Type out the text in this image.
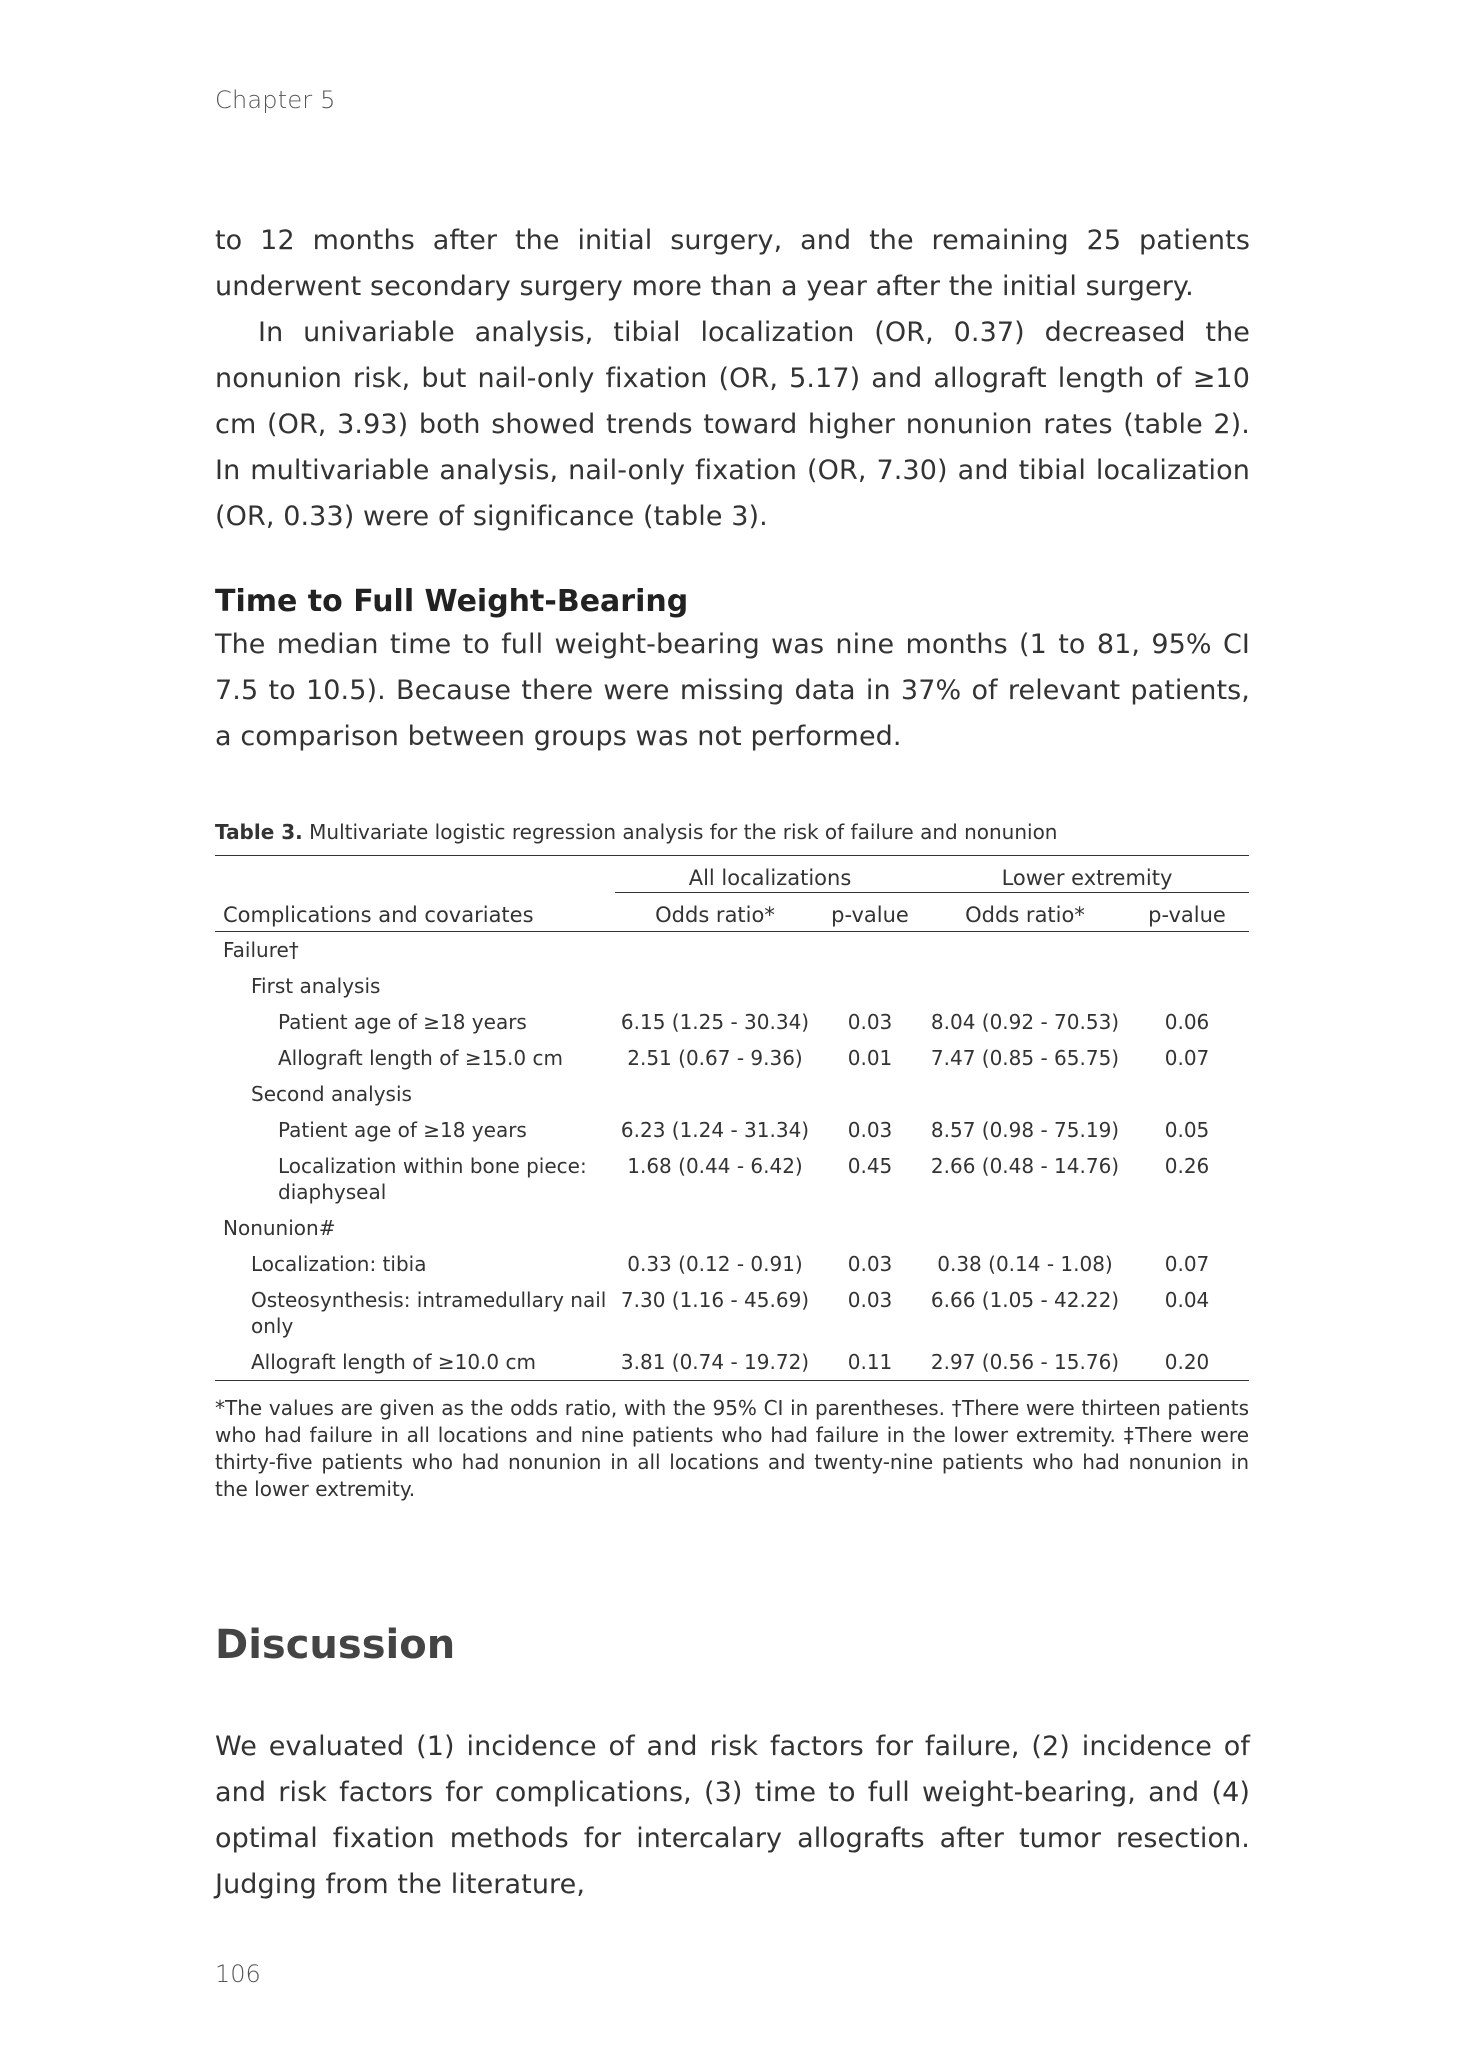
Chapter 5

to 12 months after the initial surgery, and the remaining 25 patients underwent secondary surgery more than a year after the initial surgery.

In univariable analysis, tibial localization (OR, 0.37) decreased the nonunion risk, but nail-only fixation (OR, 5.17) and allograft length of ≥10 cm (OR, 3.93) both showed trends toward higher nonunion rates (table 2). In multivariable analysis, nail-only fixation (OR, 7.30) and tibial localization (OR, 0.33) were of significance (table 3).

Time to Full Weight-Bearing

The median time to full weight-bearing was nine months (1 to 81, 95% CI 7.5 to 10.5). Because there were missing data in 37% of relevant patients, a comparison between groups was not performed.

Table 3. Multivariate logistic regression analysis for the risk of failure and nonunion

	All localizations		Lower extremity	
Complications and covariates	Odds ratio*	p-value	Odds ratio*	p-value
Failure†				
First analysis				
Patient age of ≥18 years	6.15 (1.25 - 30.34)	0.03	8.04 (0.92 - 70.53)	0.06
Allograft length of ≥15.0 cm	2.51 (0.67 - 9.36)	0.01	7.47 (0.85 - 65.75)	0.07
Second analysis				
Patient age of ≥18 years	6.23 (1.24 - 31.34)	0.03	8.57 (0.98 - 75.19)	0.05
Localization within bone piece: diaphyseal	1.68 (0.44 - 6.42)	0.45	2.66 (0.48 - 14.76)	0.26
Nonunion#				
Localization: tibia	0.33 (0.12 - 0.91)	0.03	0.38 (0.14 - 1.08)	0.07
Osteosynthesis: intramedullary nail only	7.30 (1.16 - 45.69)	0.03	6.66 (1.05 - 42.22)	0.04
Allograft length of ≥10.0 cm	3.81 (0.74 - 19.72)	0.11	2.97 (0.56 - 15.76)	0.20

*The values are given as the odds ratio, with the 95% CI in parentheses. †There were thirteen patients who had failure in all locations and nine patients who had failure in the lower extremity. ‡There were thirty-five patients who had nonunion in all locations and twenty-nine patients who had nonunion in the lower extremity.

Discussion

We evaluated (1) incidence of and risk factors for failure, (2) incidence of and risk factors for complications, (3) time to full weight-bearing, and (4) optimal fixation methods for intercalary allografts after tumor resection. Judging from the literature,

106
